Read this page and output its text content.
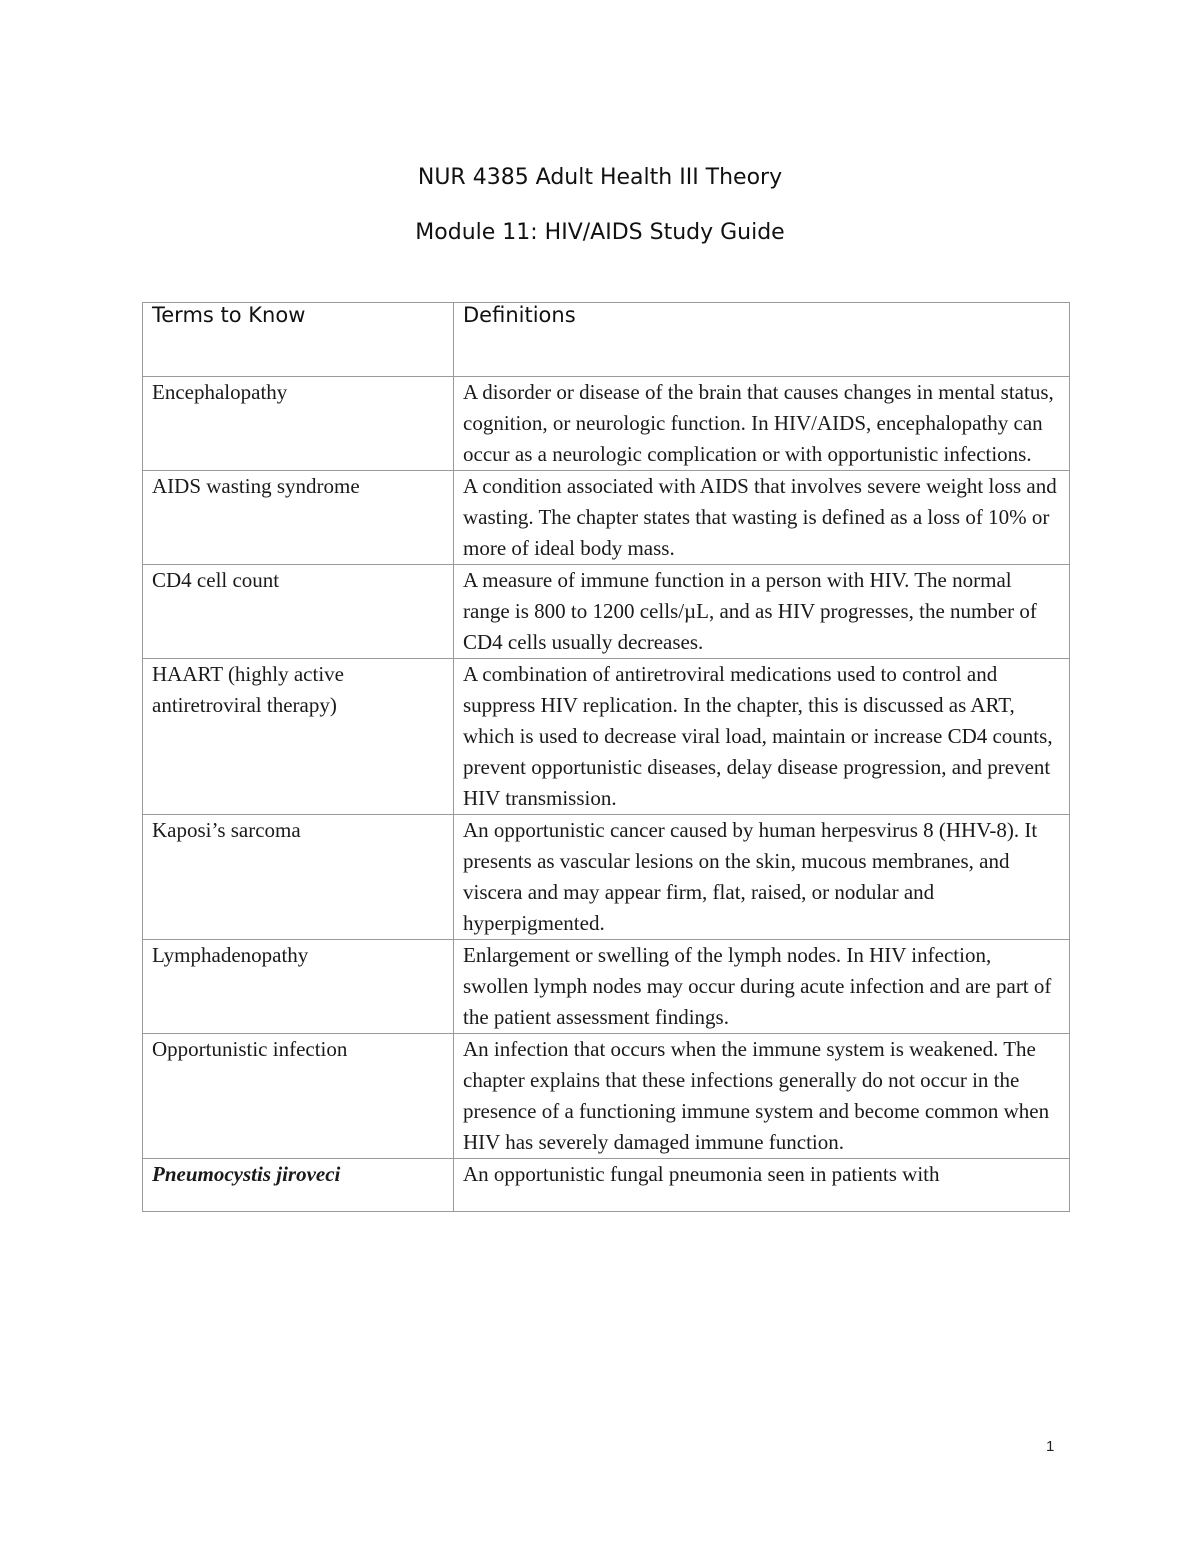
NUR 4385 Adult Health III Theory
Module 11: HIV/AIDS Study Guide
Terms to Know	Definitions
Encephalopathy	A disorder or disease of the brain that causes changes in mental status, cognition, or neurologic function. In HIV/AIDS, encephalopathy can occur as a neurologic complication or with opportunistic infections.
AIDS wasting syndrome	A condition associated with AIDS that involves severe weight loss and wasting. The chapter states that wasting is defined as a loss of 10% or more of ideal body mass.
CD4 cell count	A measure of immune function in a person with HIV. The normal range is 800 to 1200 cells/µL, and as HIV progresses, the number of CD4 cells usually decreases.
HAART (highly active antiretroviral therapy)	A combination of antiretroviral medications used to control and suppress HIV replication. In the chapter, this is discussed as ART, which is used to decrease viral load, maintain or increase CD4 counts, prevent opportunistic diseases, delay disease progression, and prevent HIV transmission.
Kaposi’s sarcoma	An opportunistic cancer caused by human herpesvirus 8 (HHV-8). It presents as vascular lesions on the skin, mucous membranes, and viscera and may appear firm, flat, raised, or nodular and hyperpigmented.
Lymphadenopathy	Enlargement or swelling of the lymph nodes. In HIV infection, swollen lymph nodes may occur during acute infection and are part of the patient assessment findings.
Opportunistic infection	An infection that occurs when the immune system is weakened. The chapter explains that these infections generally do not occur in the presence of a functioning immune system and become common when HIV has severely damaged immune function.
Pneumocystis jiroveci	An opportunistic fungal pneumonia seen in patients with
1
